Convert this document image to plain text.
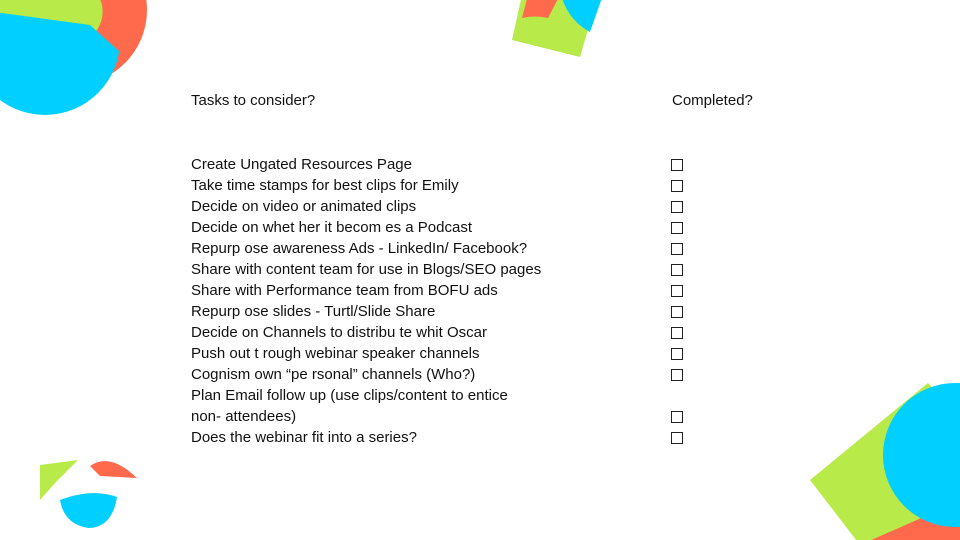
Tasks to consider?	Completed?
Create Ungated Resources Page
Take time stamps for best clips for Emily
Decide on video or animated clips
Decide on whet her it becom es a Podcast
Repurp ose awareness Ads - LinkedIn/ Facebook?
Share with content team for use in Blogs/SEO pages
Share with Performance team from BOFU ads
Repurp ose slides - Turtl/Slide Share
Decide on Channels to distribu te whit Oscar
Push out t rough webinar speaker channels
Cognism own “pe rsonal” channels (Who?)
Plan Email follow up (use clips/content to entice
non- attendees)
Does the webinar fit into a series?
